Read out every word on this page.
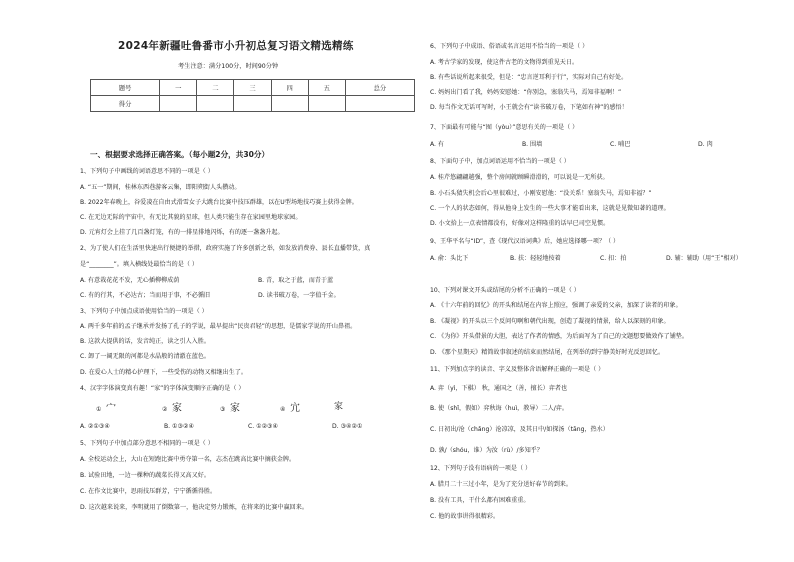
2024年新疆吐鲁番市小升初总复习语文精选精练
考生注意：满分100分，时间90分钟
题号	一	二	三	四	五	总分
得分						
一、根据要求选择正确答案。（每小题2分，共30分）
1、下列句子中画线的词语意思不同的一项是（ ）
A. “五一”期间，桂林东西巷游客云集，即阳朔街人头攒动。
B. 2022年春晚上，谷爱凌在自由式滑雪女子大跳台比赛中技压群雄，以在U型场地技巧赛上获得金牌。
C. 在无边无际的宇宙中，有无比其貌的星球，但人类只能生存在家园里地球家园。
D. 元宵灯会上挂了几百盏灯笼，有的一排星排地闪烁，有的逐一盏盏升起。
2、为了使人们在生活里快速出行便捷的举措，政府实施了许多创新之举，如发放消费券、县长直播带货，真
是“________”。填入横线处最恰当的是（ ）
A. 有意栽花花不发，无心插柳柳成荫	B. 青，取之于蓝，而青于蓝
C. 有的行其，不必达古；当而用于事，不必循旧	D. 读书破万卷，一字值千金。
3、下列句子中加点成语使用恰当的一项是（ ）
A. 两千多年前的孟子继承并发扬了孔子的学说，最早提出“民贵君轻”的思想，是儒家学说的开山鼻祖。
B. 这款大提供的话，发音纯正，读之引人入胜。
C. 卸了一阔无限的河都是水晶般的清澈在蓝色。
D. 在爱心人士的精心护理下，一些受伤的动物又相继出生了。
4、汉字字体演变真有趣！“家”的字体演变顺序正确的是（ ）
① 宀	② 家	③ 家	④ 宂	家
A. ②①③④	B. ①③②④	C. ①②③④	D. ③④②①
5、下列句子中加点部分意思不相同的一项是（ ）
A. 全校运动会上，大山在短跑比赛中勇夺第一名，志杰在跳高比赛中摘获金牌。
B. 试验田地，一边一棵种的蔬菜长得又高又好。
C. 在作文比赛中，思雨技压群芳，宁宁循循得胜。
D. 这次越来说来，李明就用了倒数第一，他决定努力锻炼，在将来的比赛中赢回来。
6、下列句子中成语、俗语或名言运用不恰当的一项是（ ）
A. 考古学家的发现，使这件古老的文物得到重见天日。
B. 有些话说所起来很受，但是：“忠言逆耳利于行”，实际对自己有好处。
C. 妈妈出门看了我，妈妈安慰她：“你别急，塞翁失马，焉知非福啊！”
D. 每当作文无话可写时，小王就会有“读书破万卷，下笔如有神”的感悟！
7、下面最有可能与“囿（yòu）”意思有关的一项是（ ）
A. 有	B. 围墙	C. 哺巴	D. 肉
8、下面句子中，加点词语运用不恰当的一项是（ ）
A. 桂芹悠翩翩越强，整个房间就顾瞬滑滑的，可以说是一无所获。
B. 小石头猜失机会后心里很难过，小刚安慰他：“没关系！塞翁失马，焉知非福？”
C. 一个人的状态如何，得从他身上发生的一些大事才能看出来，这就是见微知著的道理。
D. 小文拾上一点表情都没有，好像对这样隆重的话早已司空见惯。
9、王华平名与“ID”，查《现代汉语词典》后，她应选择哪一项？（ ）
A. 俞：头比下	B. 扶：轻轻地按着	C. 扣：拍	D. 辅：辅助（用“王”相对）
10、下列对课文开头或结尾的分析不正确的一项是（ ）
A. 《十六年前的回忆》的开头和结尾在内容上照应，强调了亲爱的父亲，加深了读者的印象。
B. 《凝视》的开头以三个反问句啊和朝代出现，创造了凝视的情景，给人以深刻的印象。
C. 《为你》开头借景的大胆，表达了作者的情感，为后面写为了自己的文题想要做效作了铺垫。
D. 《那个星期天》精简故事叙述的结束而然结尾，在列举的到宁静美好时光反思回忆。
11、下列加点字的读音、字义及整体含语解释正确的一项是（ ）
A. 弈（yì，下棋） 秋，通国之（善，擅长）弈者也
B. 使（shǐ，假如）弈秋诲（huì，教导）二人/弈。
C. 日初出/沧（chǎng）沧凉凉，及其日中/如探汤（tāng，热水）
D. 孰/（shóu，谁）为汝（rù）/多知乎？
12、下列句子没有语病的一项是（ ）
A. 腊月二十三过小年，是为了充分送好春节的到来。
B. 没有工具，干什么都有困难重重。
C. 他的故事讲得很精彩。
